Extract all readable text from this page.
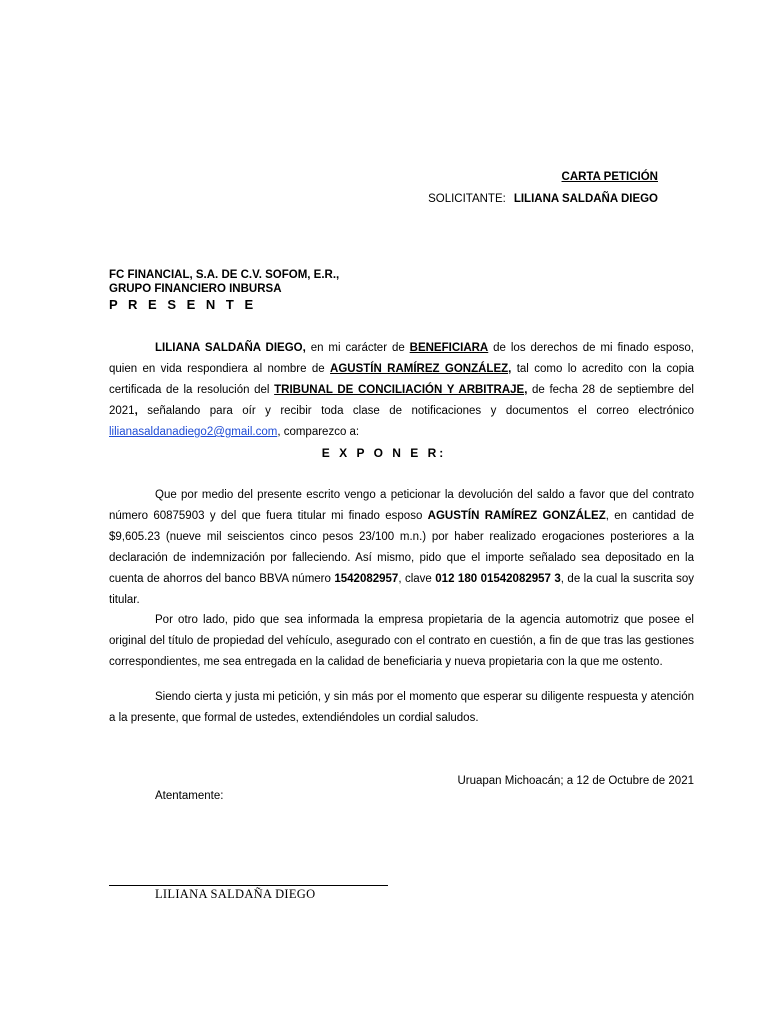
CARTA PETICIÓN
SOLICITANTE: LILIANA SALDAÑA DIEGO
FC FINANCIAL, S.A. DE C.V. SOFOM, E.R.,
GRUPO FINANCIERO INBURSA
P R E S E N T E
LILIANA SALDAÑA DIEGO, en mi carácter de BENEFICIARA de los derechos de mi finado esposo, quien en vida respondiera al nombre de AGUSTÍN RAMÍREZ GONZÁLEZ, tal como lo acredito con la copia certificada de la resolución del TRIBUNAL DE CONCILIACIÓN Y ARBITRAJE, de fecha 28 de septiembre del 2021, señalando para oír y recibir toda clase de notificaciones y documentos el correo electrónico lilianasaldanadiego2@gmail.com, comparezco a:
E X P O N E R:
Que por medio del presente escrito vengo a peticionar la devolución del saldo a favor que del contrato número 60875903 y del que fuera titular mi finado esposo AGUSTÍN RAMÍREZ GONZÁLEZ, en cantidad de $9,605.23 (nueve mil seiscientos cinco pesos 23/100 m.n.) por haber realizado erogaciones posteriores a la declaración de indemnización por falleciendo. Así mismo, pido que el importe señalado sea depositado en la cuenta de ahorros del banco BBVA número 1542082957, clave 012 180 01542082957 3, de la cual la suscrita soy titular.
Por otro lado, pido que sea informada la empresa propietaria de la agencia automotriz que posee el original del título de propiedad del vehículo, asegurado con el contrato en cuestión, a fin de que tras las gestiones correspondientes, me sea entregada en la calidad de beneficiaria y nueva propietaria con la que me ostento.
Siendo cierta y justa mi petición, y sin más por el momento que esperar su diligente respuesta y atención a la presente, que formal de ustedes, extendiéndoles un cordial saludos.
Uruapan Michoacán; a 12 de Octubre de 2021
Atentamente:
LILIANA SALDAÑA DIEGO
